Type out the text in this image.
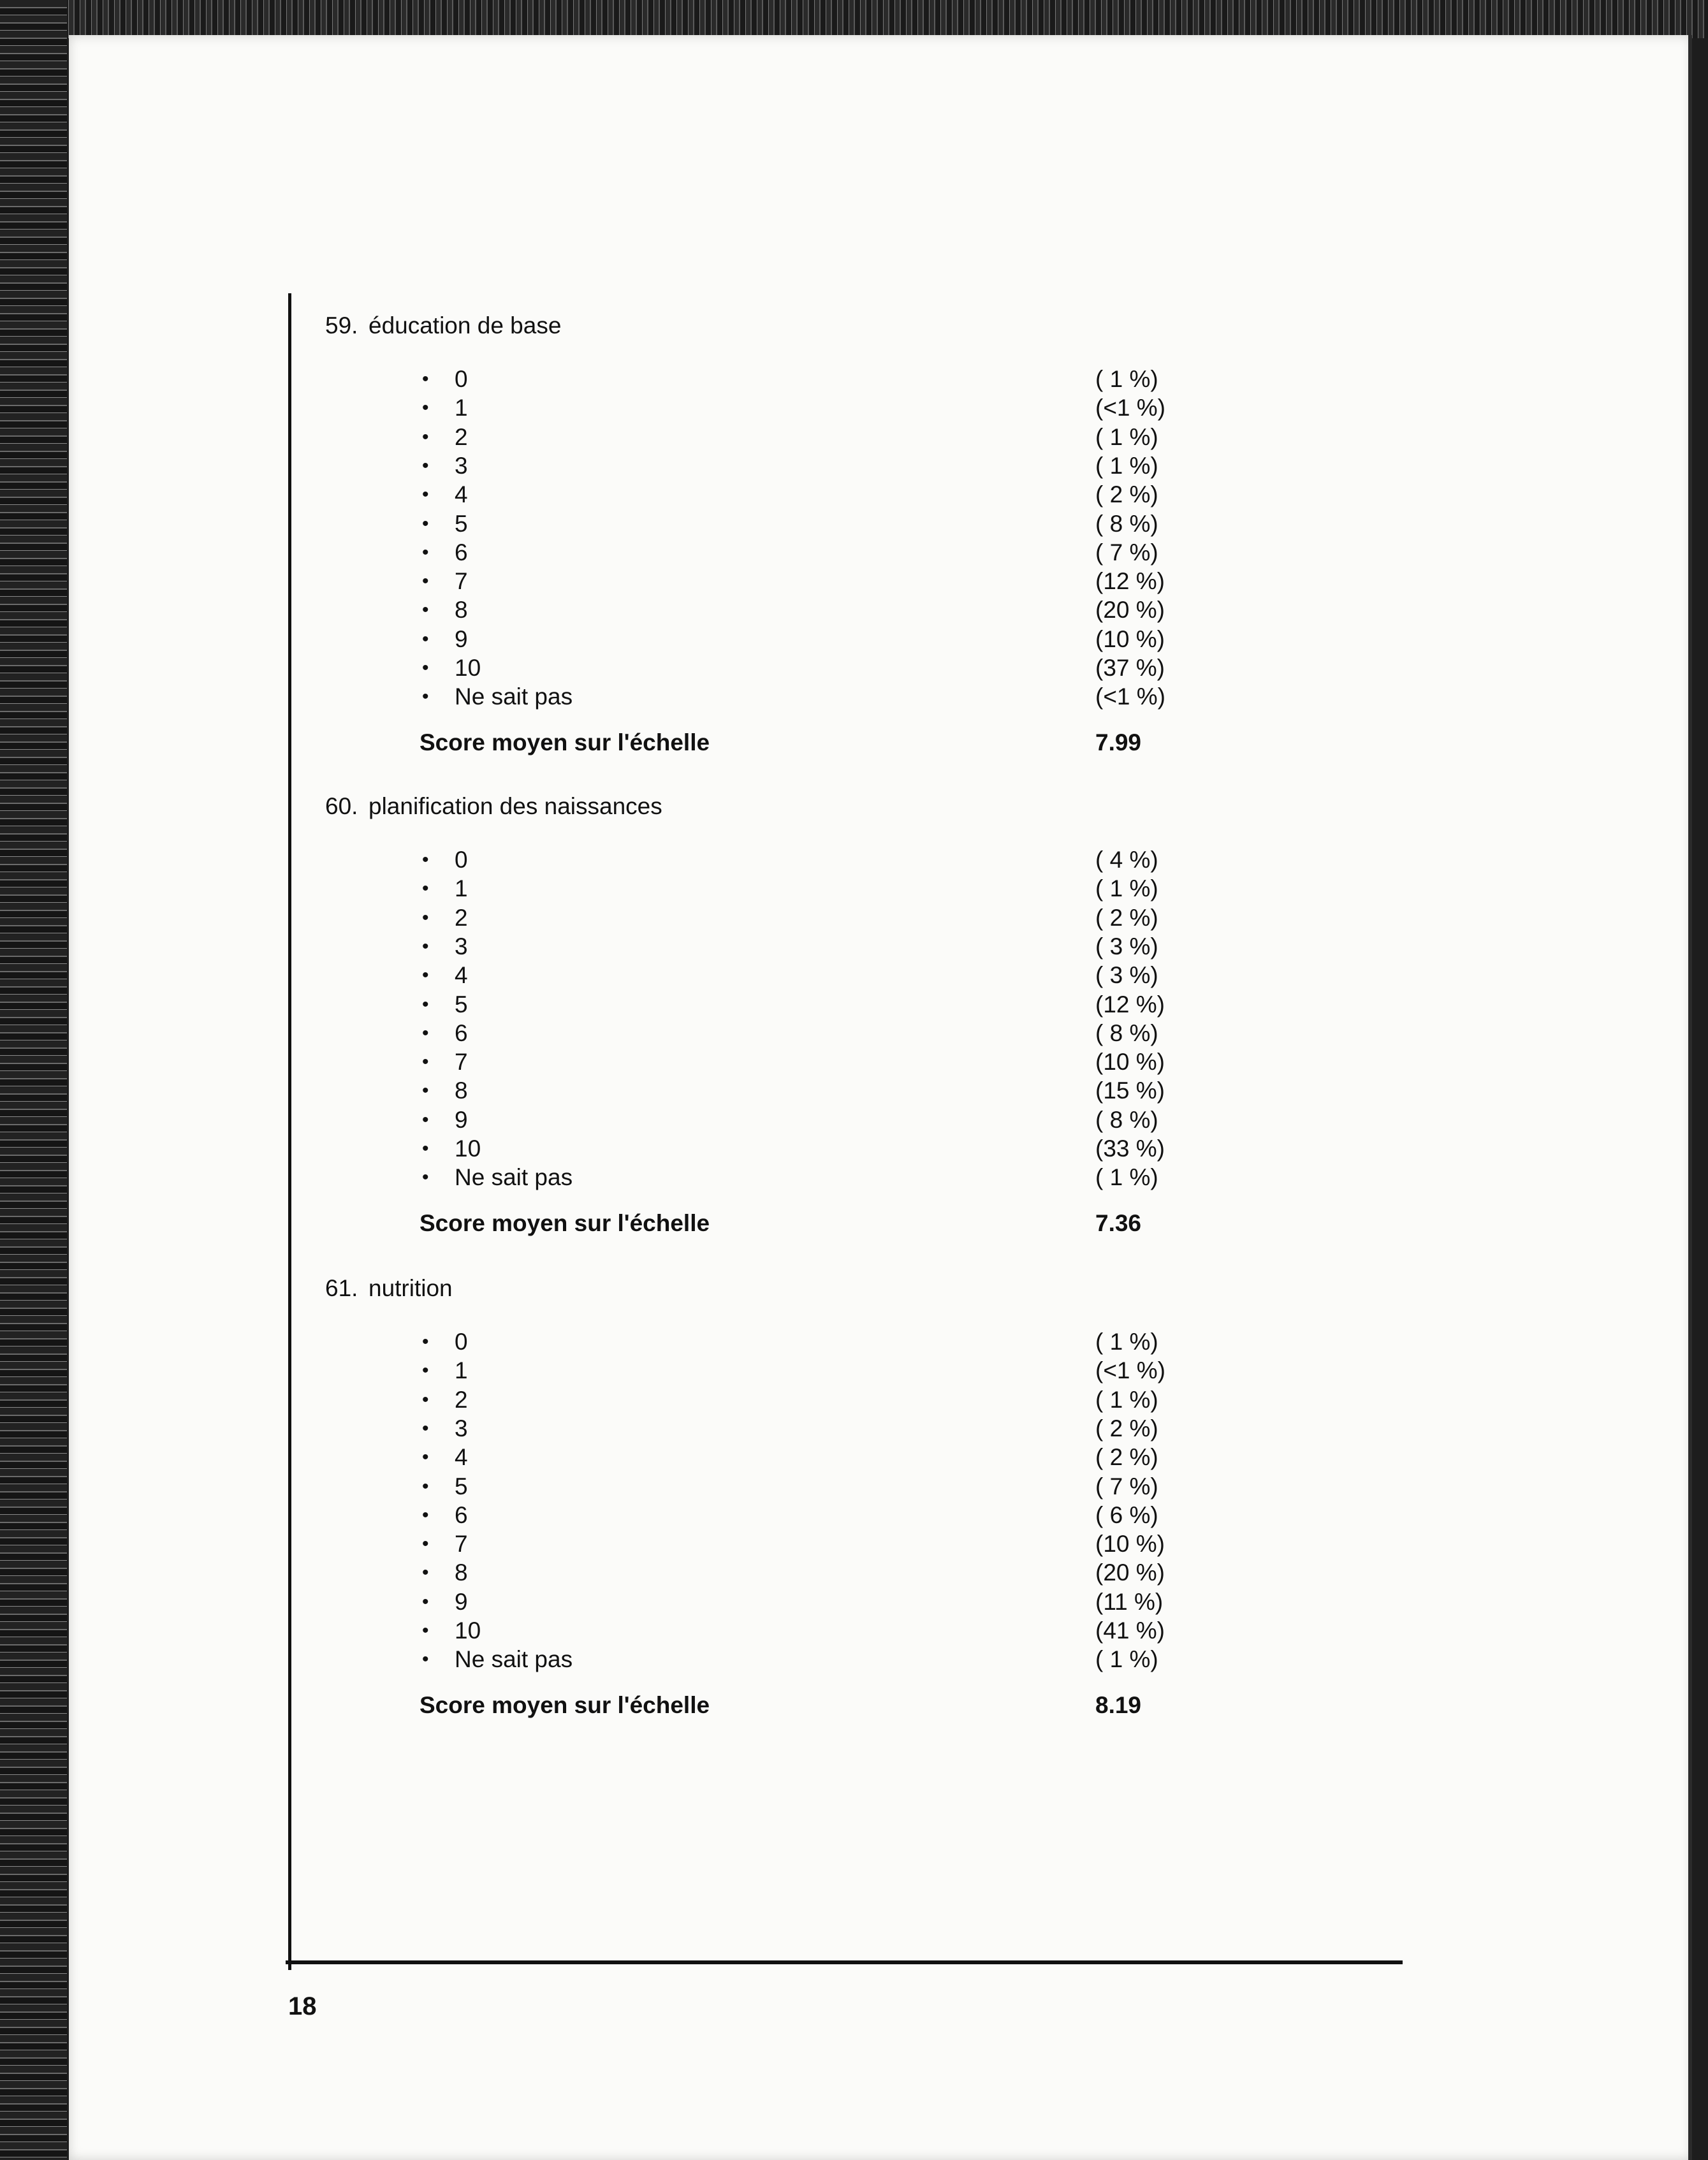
59. éducation de base
• 0	( 1 %)
• 1	(<1 %)
• 2	( 1 %)
• 3	( 1 %)
• 4	( 2 %)
• 5	( 8 %)
• 6	( 7 %)
• 7	(12 %)
• 8	(20 %)
• 9	(10 %)
• 10	(37 %)
• Ne sait pas	(<1 %)
Score moyen sur l'échelle	7.99
60. planification des naissances
• 0	( 4 %)
• 1	( 1 %)
• 2	( 2 %)
• 3	( 3 %)
• 4	( 3 %)
• 5	(12 %)
• 6	( 8 %)
• 7	(10 %)
• 8	(15 %)
• 9	( 8 %)
• 10	(33 %)
• Ne sait pas	( 1 %)
Score moyen sur l'échelle	7.36
61. nutrition
• 0	( 1 %)
• 1	(<1 %)
• 2	( 1 %)
• 3	( 2 %)
• 4	( 2 %)
• 5	( 7 %)
• 6	( 6 %)
• 7	(10 %)
• 8	(20 %)
• 9	(11 %)
• 10	(41 %)
• Ne sait pas	( 1 %)
Score moyen sur l'échelle	8.19
18
